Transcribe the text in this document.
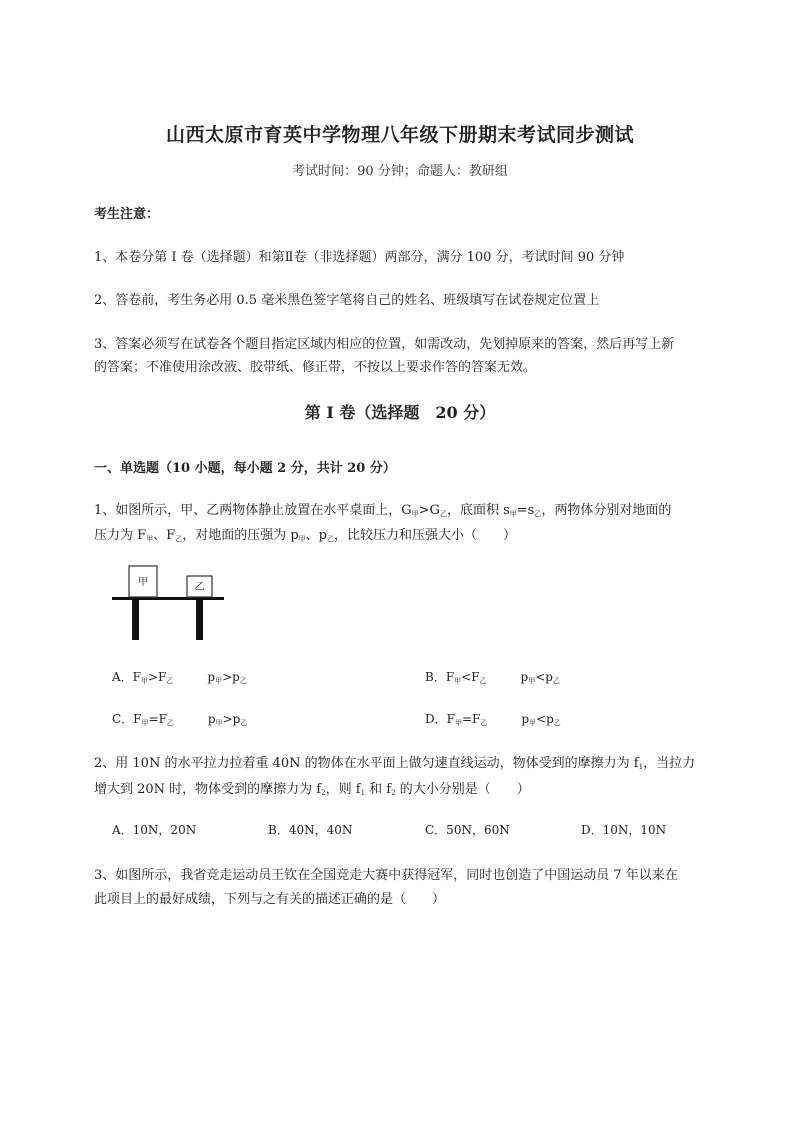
山西太原市育英中学物理八年级下册期末考试同步测试
考试时间：90 分钟；命题人：教研组
考生注意：
1、本卷分第 I 卷（选择题）和第Ⅱ卷（非选择题）两部分，满分 100 分，考试时间 90 分钟
2、答卷前，考生务必用 0.5 毫米黑色签字笔将自己的姓名、班级填写在试卷规定位置上
3、答案必须写在试卷各个题目指定区域内相应的位置，如需改动，先划掉原来的答案，然后再写上新
的答案；不准使用涂改液、胶带纸、修正带，不按以上要求作答的答案无效。
第 I 卷（选择题　20 分）
一、单选题（10 小题，每小题 2 分，共计 20 分）
1、如图所示，甲、乙两物体静止放置在水平桌面上，$G_甲>G_乙$，底面积 $s_甲=s_乙$，两物体分别对地面的
压力为 $F_甲$、$F_乙$，对地面的压强为 $p_甲$、$p_乙$，比较压力和压强大小（　　）
甲	乙
A．$F_甲>F_乙$	$p_甲>p_乙$	B．$F_甲<F_乙$	$p_甲<p_乙$
C．$F_甲=F_乙$	$p_甲>p_乙$	D．$F_甲=F_乙$	$p_甲<p_乙$
2、用 10N 的水平拉力拉着重 40N 的物体在水平面上做匀速直线运动，物体受到的摩擦力为 $f_1$，当拉力
增大到 20N 时，物体受到的摩擦力为 $f_2$，则 $f_1$ 和 $f_2$ 的大小分别是（　　）
A．10N，20N	B．40N，40N	C．50N，60N	D．10N，10N
3、如图所示，我省竞走运动员王钦在全国竞走大赛中获得冠军，同时也创造了中国运动员 7 年以来在
此项目上的最好成绩，下列与之有关的描述正确的是（　　）
